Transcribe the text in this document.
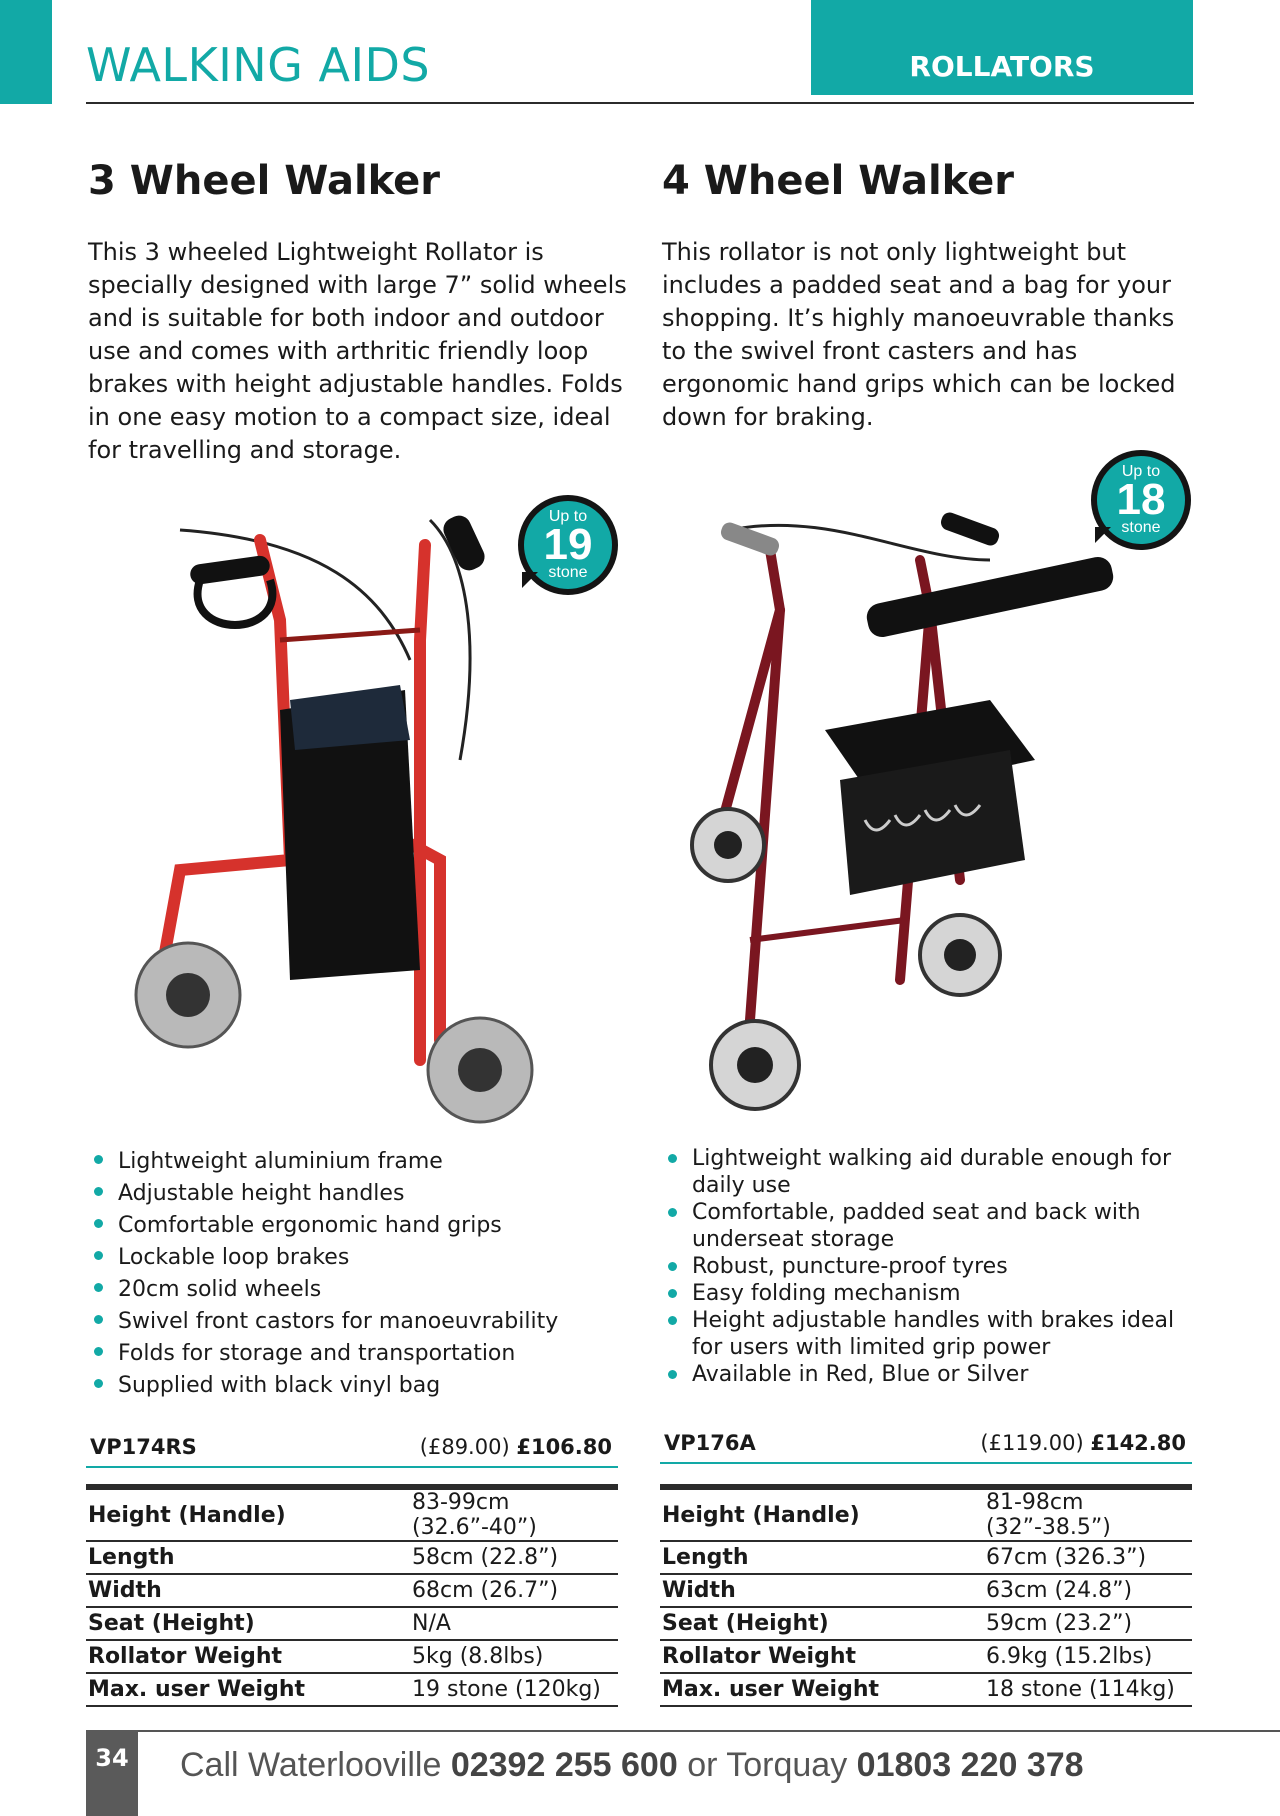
WALKING AIDS	ROLLATORS
3 Wheel Walker
This 3 wheeled Lightweight Rollator is specially designed with large 7” solid wheels and is suitable for both indoor and outdoor use and comes with arthritic friendly loop brakes with height adjustable handles. Folds in one easy motion to a compact size, ideal for travelling and storage.
Up to
19
stone
Lightweight aluminium frame
Adjustable height handles
Comfortable ergonomic hand grips
Lockable loop brakes
20cm solid wheels
Swivel front castors for manoeuvrability
Folds for storage and transportation
Supplied with black vinyl bag
VP174RS	(£89.00) £106.80
Height (Handle)	83-99cm (32.6”-40”)
Length	58cm (22.8”)
Width	68cm (26.7”)
Seat (Height)	N/A
Rollator Weight	5kg (8.8lbs)
Max. user Weight	19 stone (120kg)
4 Wheel Walker
This rollator is not only lightweight but includes a padded seat and a bag for your shopping. It’s highly manoeuvrable thanks to the swivel front casters and has ergonomic hand grips which can be locked down for braking.
Up to
18
stone
Lightweight walking aid durable enough for daily use
Comfortable, padded seat and back with underseat storage
Robust, puncture-proof tyres
Easy folding mechanism
Height adjustable handles with brakes ideal for users with limited grip power
Available in Red, Blue or Silver
VP176A	(£119.00) £142.80
Height (Handle)	81-98cm (32”-38.5”)
Length	67cm (326.3”)
Width	63cm (24.8”)
Seat (Height)	59cm (23.2”)
Rollator Weight	6.9kg (15.2lbs)
Max. user Weight	18 stone (114kg)
34 Call Waterlooville 02392 255 600 or Torquay 01803 220 378
